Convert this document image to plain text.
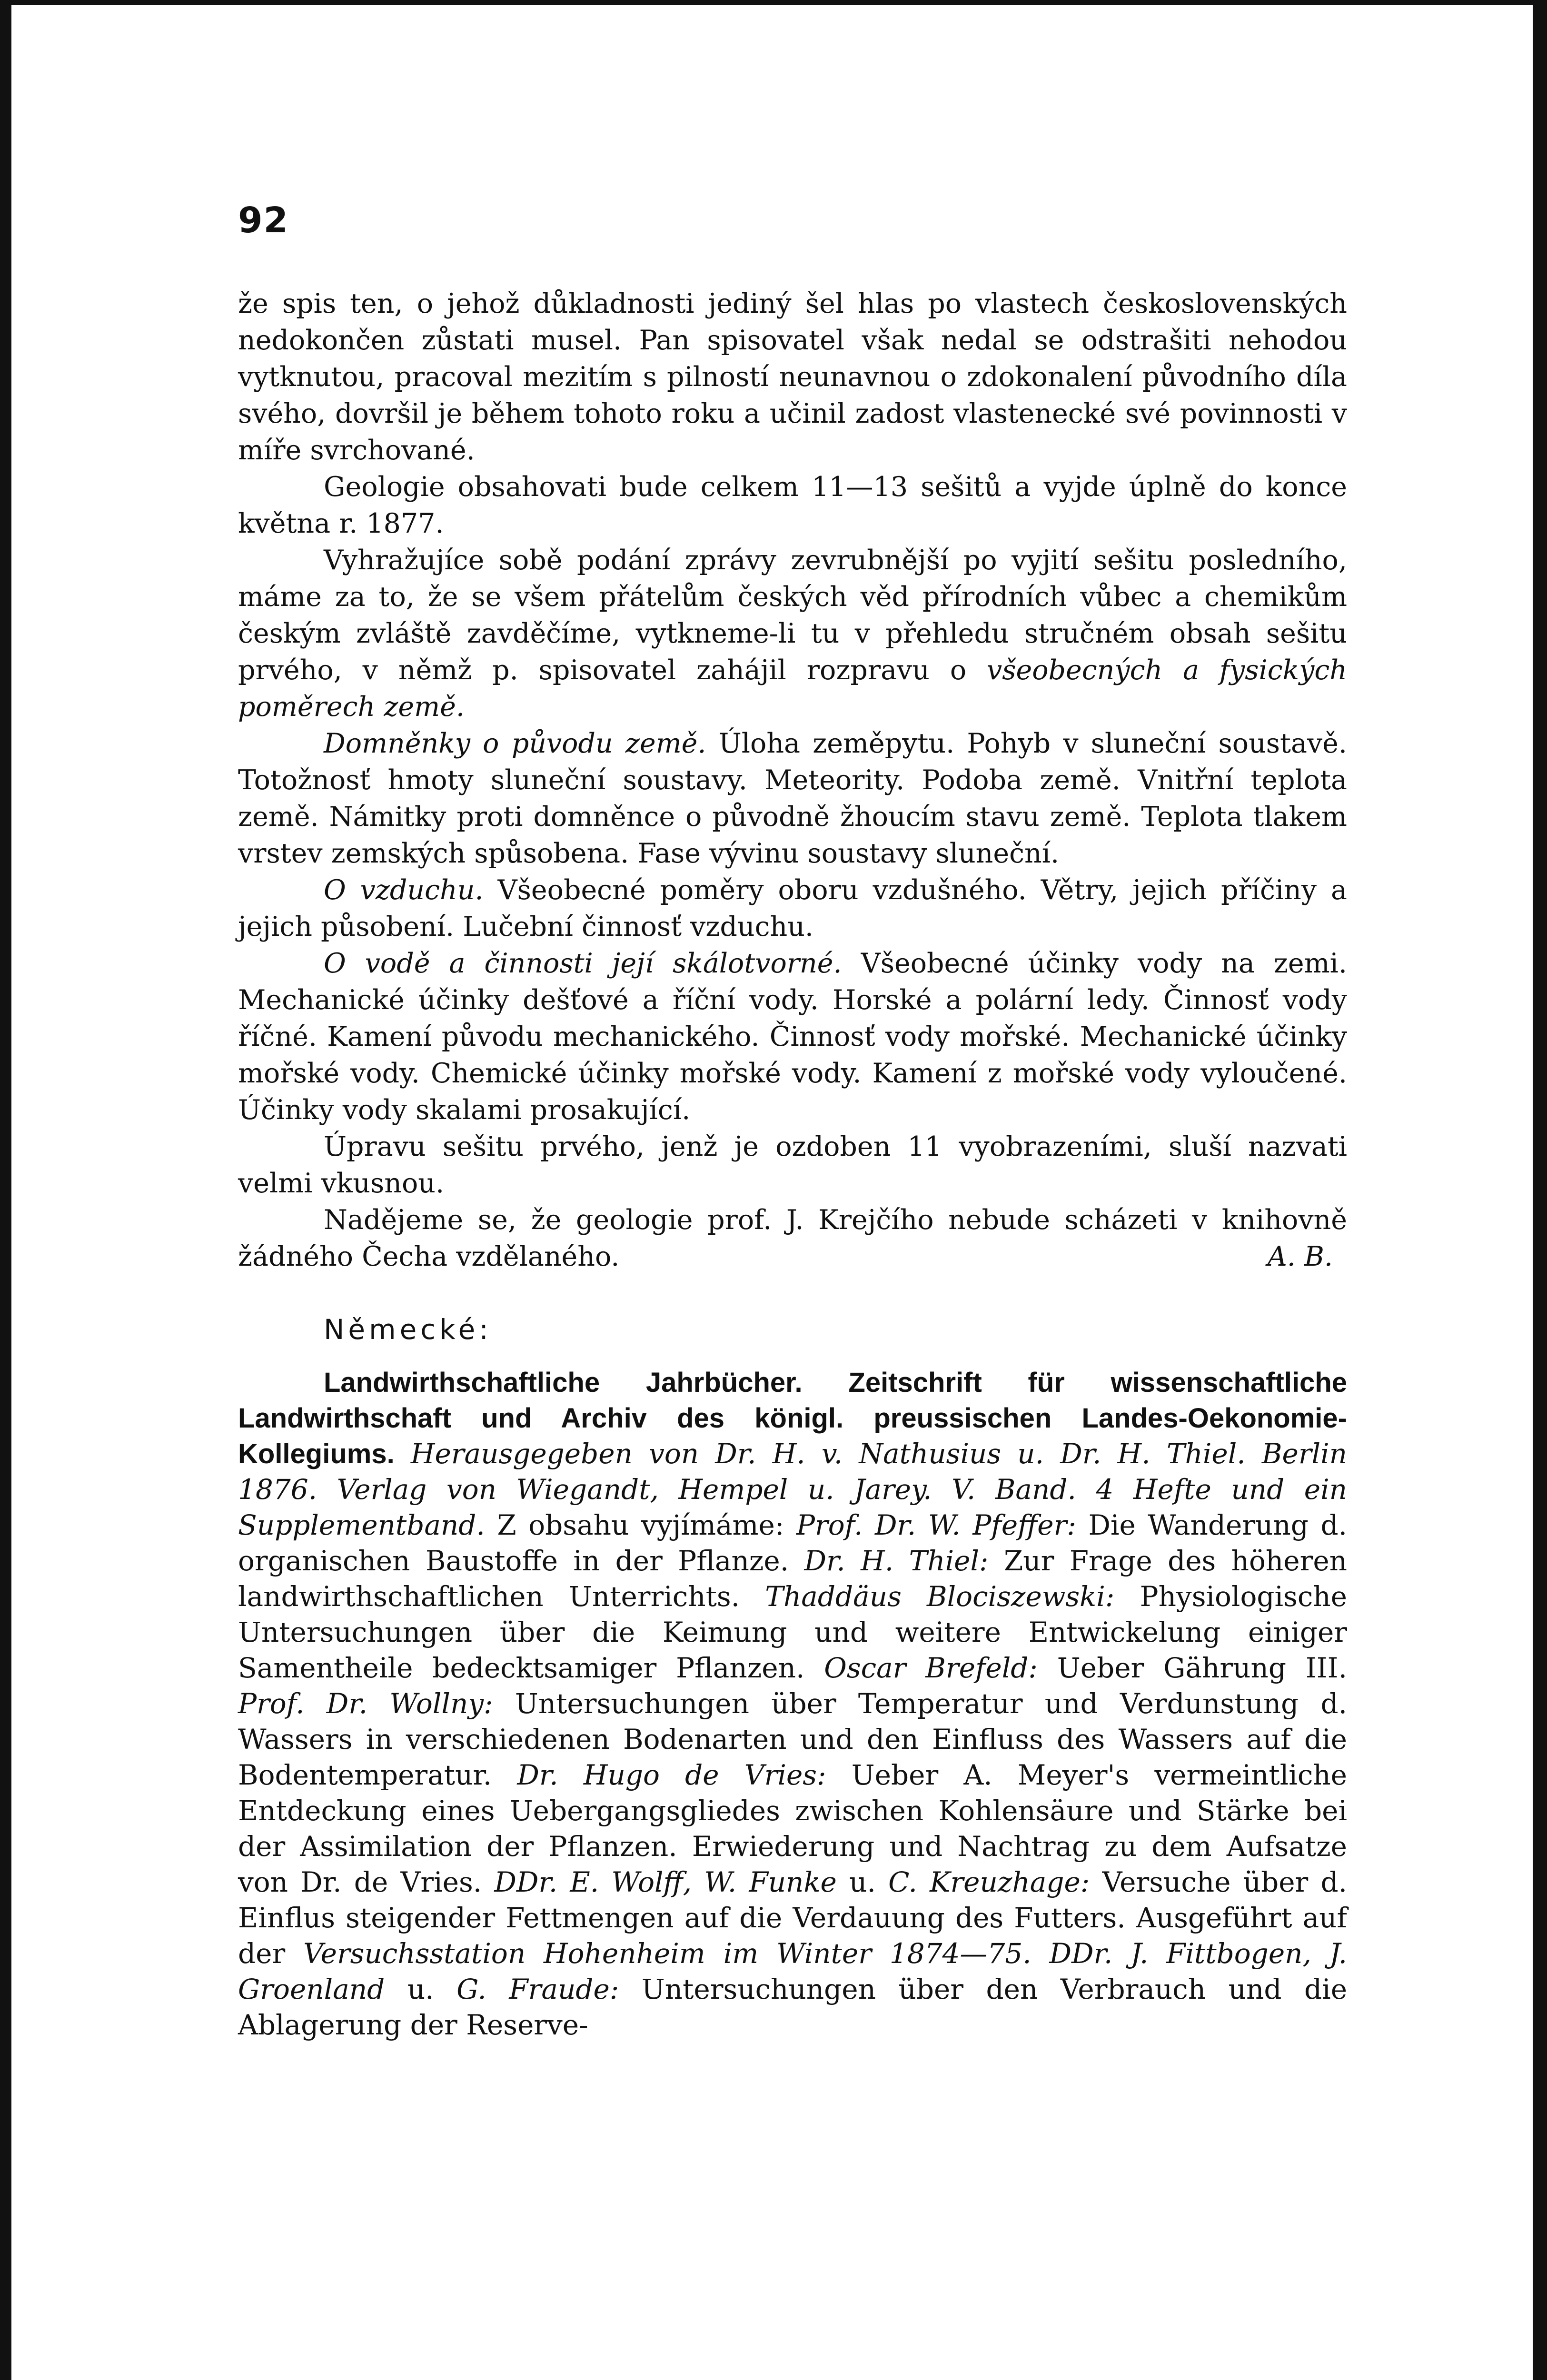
92

že spis ten, o jehož důkladnosti jediný šel hlas po vlastech československých nedokončen zůstati musel. Pan spisovatel však nedal se odstrašiti nehodou vytknutou, pracoval mezitím s pilností neunavnou o zdokonalení původního díla svého, dovršil je během tohoto roku a učinil zadost vlastenecké své povinnosti v míře svrchované.

Geologie obsahovati bude celkem 11—13 sešitů a vyjde úplně do konce května r. 1877.

Vyhražujíce sobě podání zprávy zevrubnější po vyjití sešitu posledního, máme za to, že se všem přátelům českých věd přírodních vůbec a chemikům českým zvláště zavděčíme, vytkneme-li tu v přehledu stručném obsah sešitu prvého, v němž p. spisovatel zahájil rozpravu o všeobecných a fysických poměrech země.

Domněnky o původu země. Úloha zeměpytu. Pohyb v sluneční soustavě. Totožnosť hmoty sluneční soustavy. Meteority. Podoba země. Vnitřní teplota země. Námitky proti domněnce o původně žhoucím stavu země. Teplota tlakem vrstev zemských spůsobena. Fase vývinu soustavy sluneční.

O vzduchu. Všeobecné poměry oboru vzdušného. Větry, jejich příčiny a jejich působení. Lučební činnosť vzduchu.

O vodě a činnosti její skálotvorné. Všeobecné účinky vody na zemi. Mechanické účinky dešťové a říční vody. Horské a polární ledy. Činnosť vody říčné. Kamení původu mechanického. Činnosť vody mořské. Mechanické účinky mořské vody. Chemické účinky mořské vody. Kamení z mořské vody vyloučené. Účinky vody skalami prosakující.

Úpravu sešitu prvého, jenž je ozdoben 11 vyobrazeními, sluší nazvati velmi vkusnou.

Nadějeme se, že geologie prof. J. Krejčího nebude scházeti v knihovně žádného Čecha vzdělaného.	A. B.

Německé:

Landwirthschaftliche Jahrbücher. Zeitschrift für wissenschaftliche Landwirthschaft und Archiv des königl. preussischen Landes-Oekonomie-Kollegiums. Herausgegeben von Dr. H. v. Nathusius u. Dr. H. Thiel. Berlin 1876. Verlag von Wiegandt, Hempel u. Jarey. V. Band. 4 Hefte und ein Supplementband. Z obsahu vyjímáme: Prof. Dr. W. Pfeffer: Die Wanderung d. organischen Baustoffe in der Pflanze. Dr. H. Thiel: Zur Frage des höheren landwirthschaftlichen Unterrichts. Thaddäus Blociszewski: Physiologische Untersuchungen über die Keimung und weitere Entwickelung einiger Samentheile bedecktsamiger Pflanzen. Oscar Brefeld: Ueber Gährung III. Prof. Dr. Wollny: Untersuchungen über Temperatur und Verdunstung d. Wassers in verschiedenen Bodenarten und den Einfluss des Wassers auf die Bodentemperatur. Dr. Hugo de Vries: Ueber A. Meyer's vermeintliche Entdeckung eines Uebergangsgliedes zwischen Kohlensäure und Stärke bei der Assimilation der Pflanzen. Erwiederung und Nachtrag zu dem Aufsatze von Dr. de Vries. DDr. E. Wolff, W. Funke u. C. Kreuzhage: Versuche über d. Einflus steigender Fettmengen auf die Verdauung des Futters. Ausgeführt auf der Versuchsstation Hohenheim im Winter 1874—75. DDr. J. Fittbogen, J. Groenland u. G. Fraude: Untersuchungen über den Verbrauch und die Ablagerung der Reserve-
